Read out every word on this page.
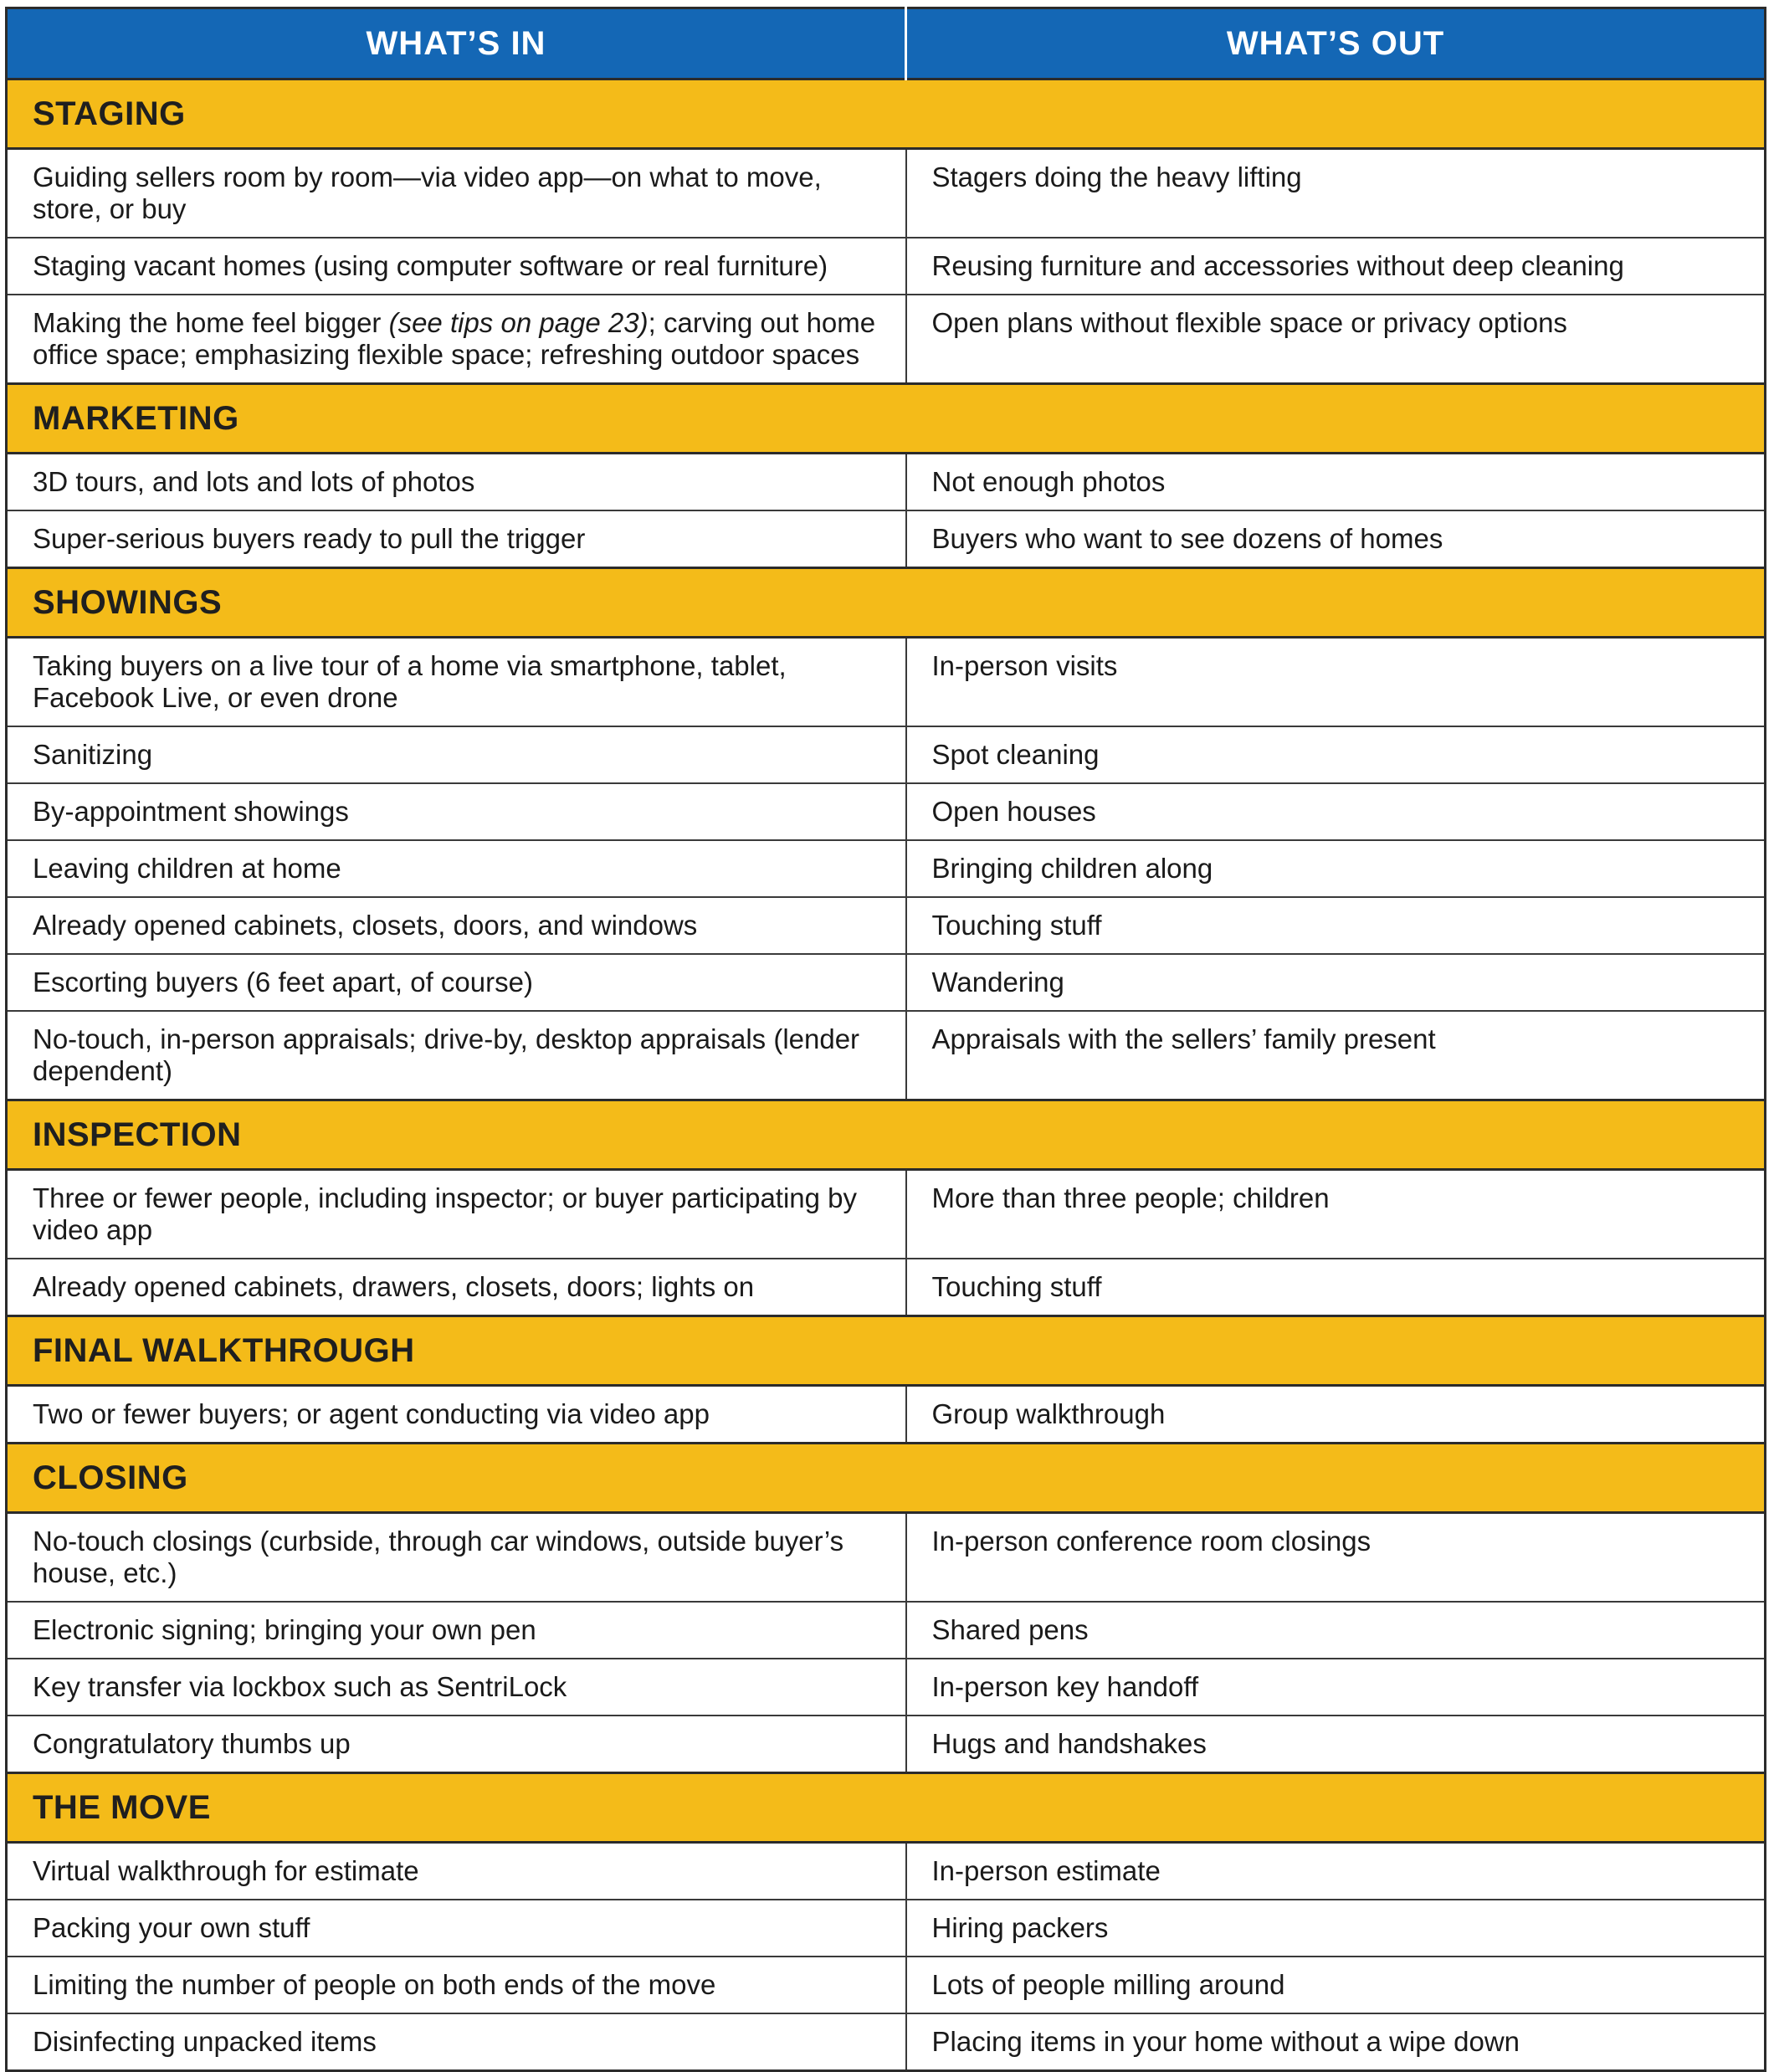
WHAT’S IN	WHAT’S OUT
STAGING	
Guiding sellers room by room—via video app—on what to move, store, or buy	Stagers doing the heavy lifting
Staging vacant homes (using computer software or real furniture)	Reusing furniture and accessories without deep cleaning
Making the home feel bigger (see tips on page 23); carving out home office space; emphasizing flexible space; refreshing outdoor spaces	Open plans without flexible space or privacy options
MARKETING	
3D tours, and lots and lots of photos	Not enough photos
Super-serious buyers ready to pull the trigger	Buyers who want to see dozens of homes
SHOWINGS	
Taking buyers on a live tour of a home via smartphone, tablet, Facebook Live, or even drone	In-person visits
Sanitizing	Spot cleaning
By-appointment showings	Open houses
Leaving children at home	Bringing children along
Already opened cabinets, closets, doors, and windows	Touching stuff
Escorting buyers (6 feet apart, of course)	Wandering
No-touch, in-person appraisals; drive-by, desktop appraisals (lender dependent)	Appraisals with the sellers’ family present
INSPECTION	
Three or fewer people, including inspector; or buyer participating by video app	More than three people; children
Already opened cabinets, drawers, closets, doors; lights on	Touching stuff
FINAL WALKTHROUGH	
Two or fewer buyers; or agent conducting via video app	Group walkthrough
CLOSING	
No-touch closings (curbside, through car windows, outside buyer’s house, etc.)	In-person conference room closings
Electronic signing; bringing your own pen	Shared pens
Key transfer via lockbox such as SentriLock	In-person key handoff
Congratulatory thumbs up	Hugs and handshakes
THE MOVE	
Virtual walkthrough for estimate	In-person estimate
Packing your own stuff	Hiring packers
Limiting the number of people on both ends of the move	Lots of people milling around
Disinfecting unpacked items	Placing items in your home without a wipe down
